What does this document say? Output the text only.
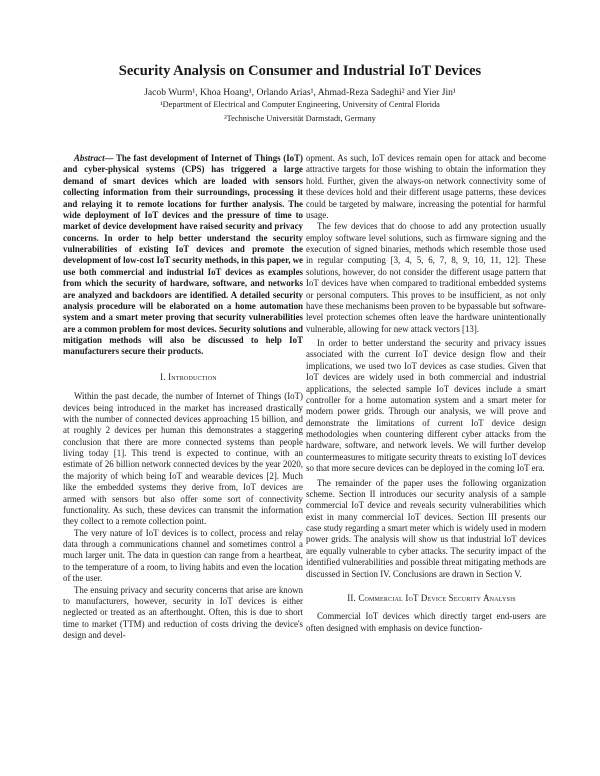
Security Analysis on Consumer and Industrial IoT Devices

Jacob Wurm¹, Khoa Hoang¹, Orlando Arias¹, Ahmad-Reza Sadeghi² and Yier Jin¹

¹Department of Electrical and Computer Engineering, University of Central Florida

²Technische Universität Darmstadt, Germany

Abstract— The fast development of Internet of Things (IoT) and cyber-physical systems (CPS) has triggered a large demand of smart devices which are loaded with sensors collecting information from their surroundings, processing it and relaying it to remote locations for further analysis. The wide deployment of IoT devices and the pressure of time to market of device development have raised security and privacy concerns. In order to help better understand the security vulnerabilities of existing IoT devices and promote the development of low-cost IoT security methods, in this paper, we use both commercial and industrial IoT devices as examples from which the security of hardware, software, and networks are analyzed and backdoors are identified. A detailed security analysis procedure will be elaborated on a home automation system and a smart meter proving that security vulnerabilities are a common problem for most devices. Security solutions and mitigation methods will also be discussed to help IoT manufacturers secure their products.

I. Introduction

Within the past decade, the number of Internet of Things (IoT) devices being introduced in the market has increased drastically with the number of connected devices approaching 15 billion, and at roughly 2 devices per human this demonstrates a staggering conclusion that there are more connected systems than people living today [1]. This trend is expected to continue, with an estimate of 26 billion network connected devices by the year 2020, the majority of which being IoT and wearable devices [2]. Much like the embedded systems they derive from, IoT devices are armed with sensors but also offer some sort of connectivity functionality. As such, these devices can transmit the information they collect to a remote collection point.

The very nature of IoT devices is to collect, process and relay data through a communications channel and sometimes control a much larger unit. The data in question can range from a heartbeat, to the temperature of a room, to living habits and even the location of the user.

The ensuing privacy and security concerns that arise are known to manufacturers, however, security in IoT devices is either neglected or treated as an afterthought. Often, this is due to short time to market (TTM) and reduction of costs driving the device's design and devel-

opment. As such, IoT devices remain open for attack and become attractive targets for those wishing to obtain the information they hold. Further, given the always-on network connectivity some of these devices hold and their different usage patterns, these devices could be targeted by malware, increasing the potential for harmful usage.

The few devices that do choose to add any protection usually employ software level solutions, such as firmware signing and the execution of signed binaries, methods which resemble those used in regular computing [3, 4, 5, 6, 7, 8, 9, 10, 11, 12]. These solutions, however, do not consider the different usage pattern that IoT devices have when compared to traditional embedded systems or personal computers. This proves to be insufficient, as not only have these mechanisms been proven to be bypassable but software-level protection schemes often leave the hardware unintentionally vulnerable, allowing for new attack vectors [13].

In order to better understand the security and privacy issues associated with the current IoT device design flow and their implications, we used two IoT devices as case studies. Given that IoT devices are widely used in both commercial and industrial applications, the selected sample IoT devices include a smart controller for a home automation system and a smart meter for modern power grids. Through our analysis, we will prove and demonstrate the limitations of current IoT device design methodologies when countering different cyber attacks from the hardware, software, and network levels. We will further develop countermeasures to mitigate security threats to existing IoT devices so that more secure devices can be deployed in the coming IoT era.

The remainder of the paper uses the following organization scheme. Section II introduces our security analysis of a sample commercial IoT device and reveals security vulnerabilities which exist in many commercial IoT devices. Section III presents our case study regarding a smart meter which is widely used in modern power grids. The analysis will show us that industrial IoT devices are equally vulnerable to cyber attacks. The security impact of the identified vulnerabilities and possible threat mitigating methods are discussed in Section IV. Conclusions are drawn in Section V.

II. Commercial IoT Device Security Analysis

Commercial IoT devices which directly target end-users are often designed with emphasis on device function-
